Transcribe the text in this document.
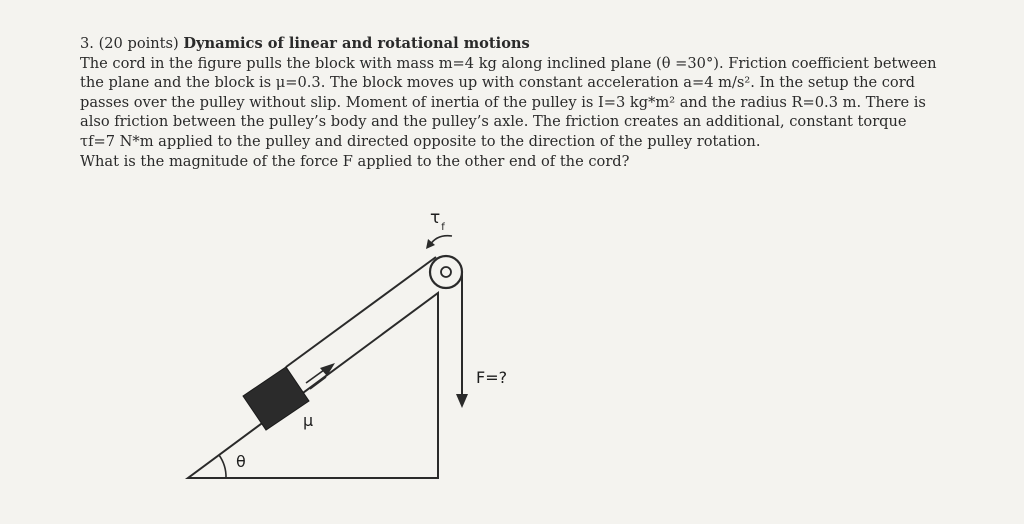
3. (20 points) Dynamics of linear and rotational motions

The cord in the figure pulls the block with mass m=4 kg along inclined plane (θ =30°). Friction coefficient between

the plane and the block is μ=0.3. The block moves up with constant acceleration a=4 m/s². In the setup the cord

passes over the pulley without slip. Moment of inertia of the pulley is I=3 kg*m² and the radius R=0.3 m. There is

also friction between the pulley’s body and the pulley’s axle. The friction creates an additional, constant torque

τf=7 N*m applied to the pulley and directed opposite to the direction of the pulley rotation.

What is the magnitude of the force F applied to the other end of the cord?

$\tau_f$
F=?
μ
θ
